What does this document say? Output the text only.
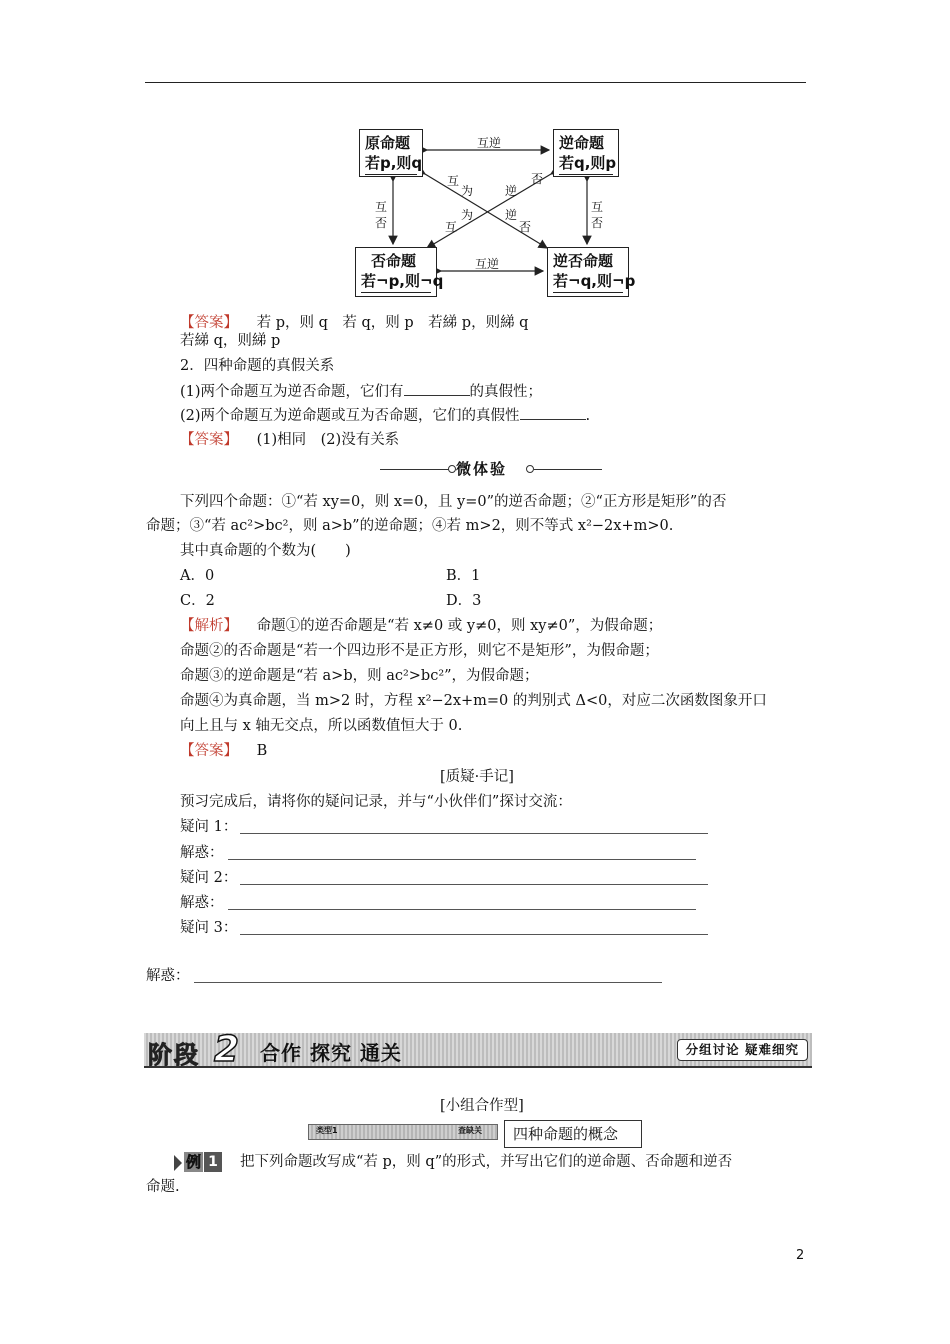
原命题
若p,则q
逆命题
若q,则p
否命题
若¬p,则¬q
逆否命题
若¬q,则¬p
互逆
互逆
互
否
互
否
互
为
逆
否
否
逆
为
互
【答案】 若 p，则 q　若 q，则 p　若綈 p，则綈 q
若綈 q，则綈 p
2．四种命题的真假关系
(1)两个命题互为逆否命题，它们有	的真假性；
(2)两个命题互为逆命题或互为否命题，它们的真假性	.
【答案】 (1)相同　(2)没有关系
微体验
下列四个命题：①“若 xy=0，则 x=0，且 y=0”的逆否命题；②“正方形是矩形”的否
命题；③“若 ac²>bc²，则 a>b”的逆命题；④若 m>2，则不等式 x²−2x+m>0.
其中真命题的个数为(　　)
A．0	B．1
C．2	D．3
【解析】 命题①的逆否命题是“若 x≠0 或 y≠0，则 xy≠0”，为假命题；
命题②的否命题是“若一个四边形不是正方形，则它不是矩形”，为假命题；
命题③的逆命题是“若 a>b，则 ac²>bc²”，为假命题；
命题④为真命题，当 m>2 时，方程 x²−2x+m=0 的判别式 Δ<0，对应二次函数图象开口
向上且与 x 轴无交点，所以函数值恒大于 0.
【答案】 B
[质疑·手记]
预习完成后，请将你的疑问记录，并与“小伙伴们”探讨交流：
疑问 1：
解惑：
疑问 2：
解惑：
疑问 3：
解惑：
阶段 2 合作 探究 通关	分组讨论 疑难细究
[小组合作型]
类型1	查缺关	四种命题的概念
例 1 把下列命题改写成“若 p，则 q”的形式，并写出它们的逆命题、否命题和逆否
命题.
2
